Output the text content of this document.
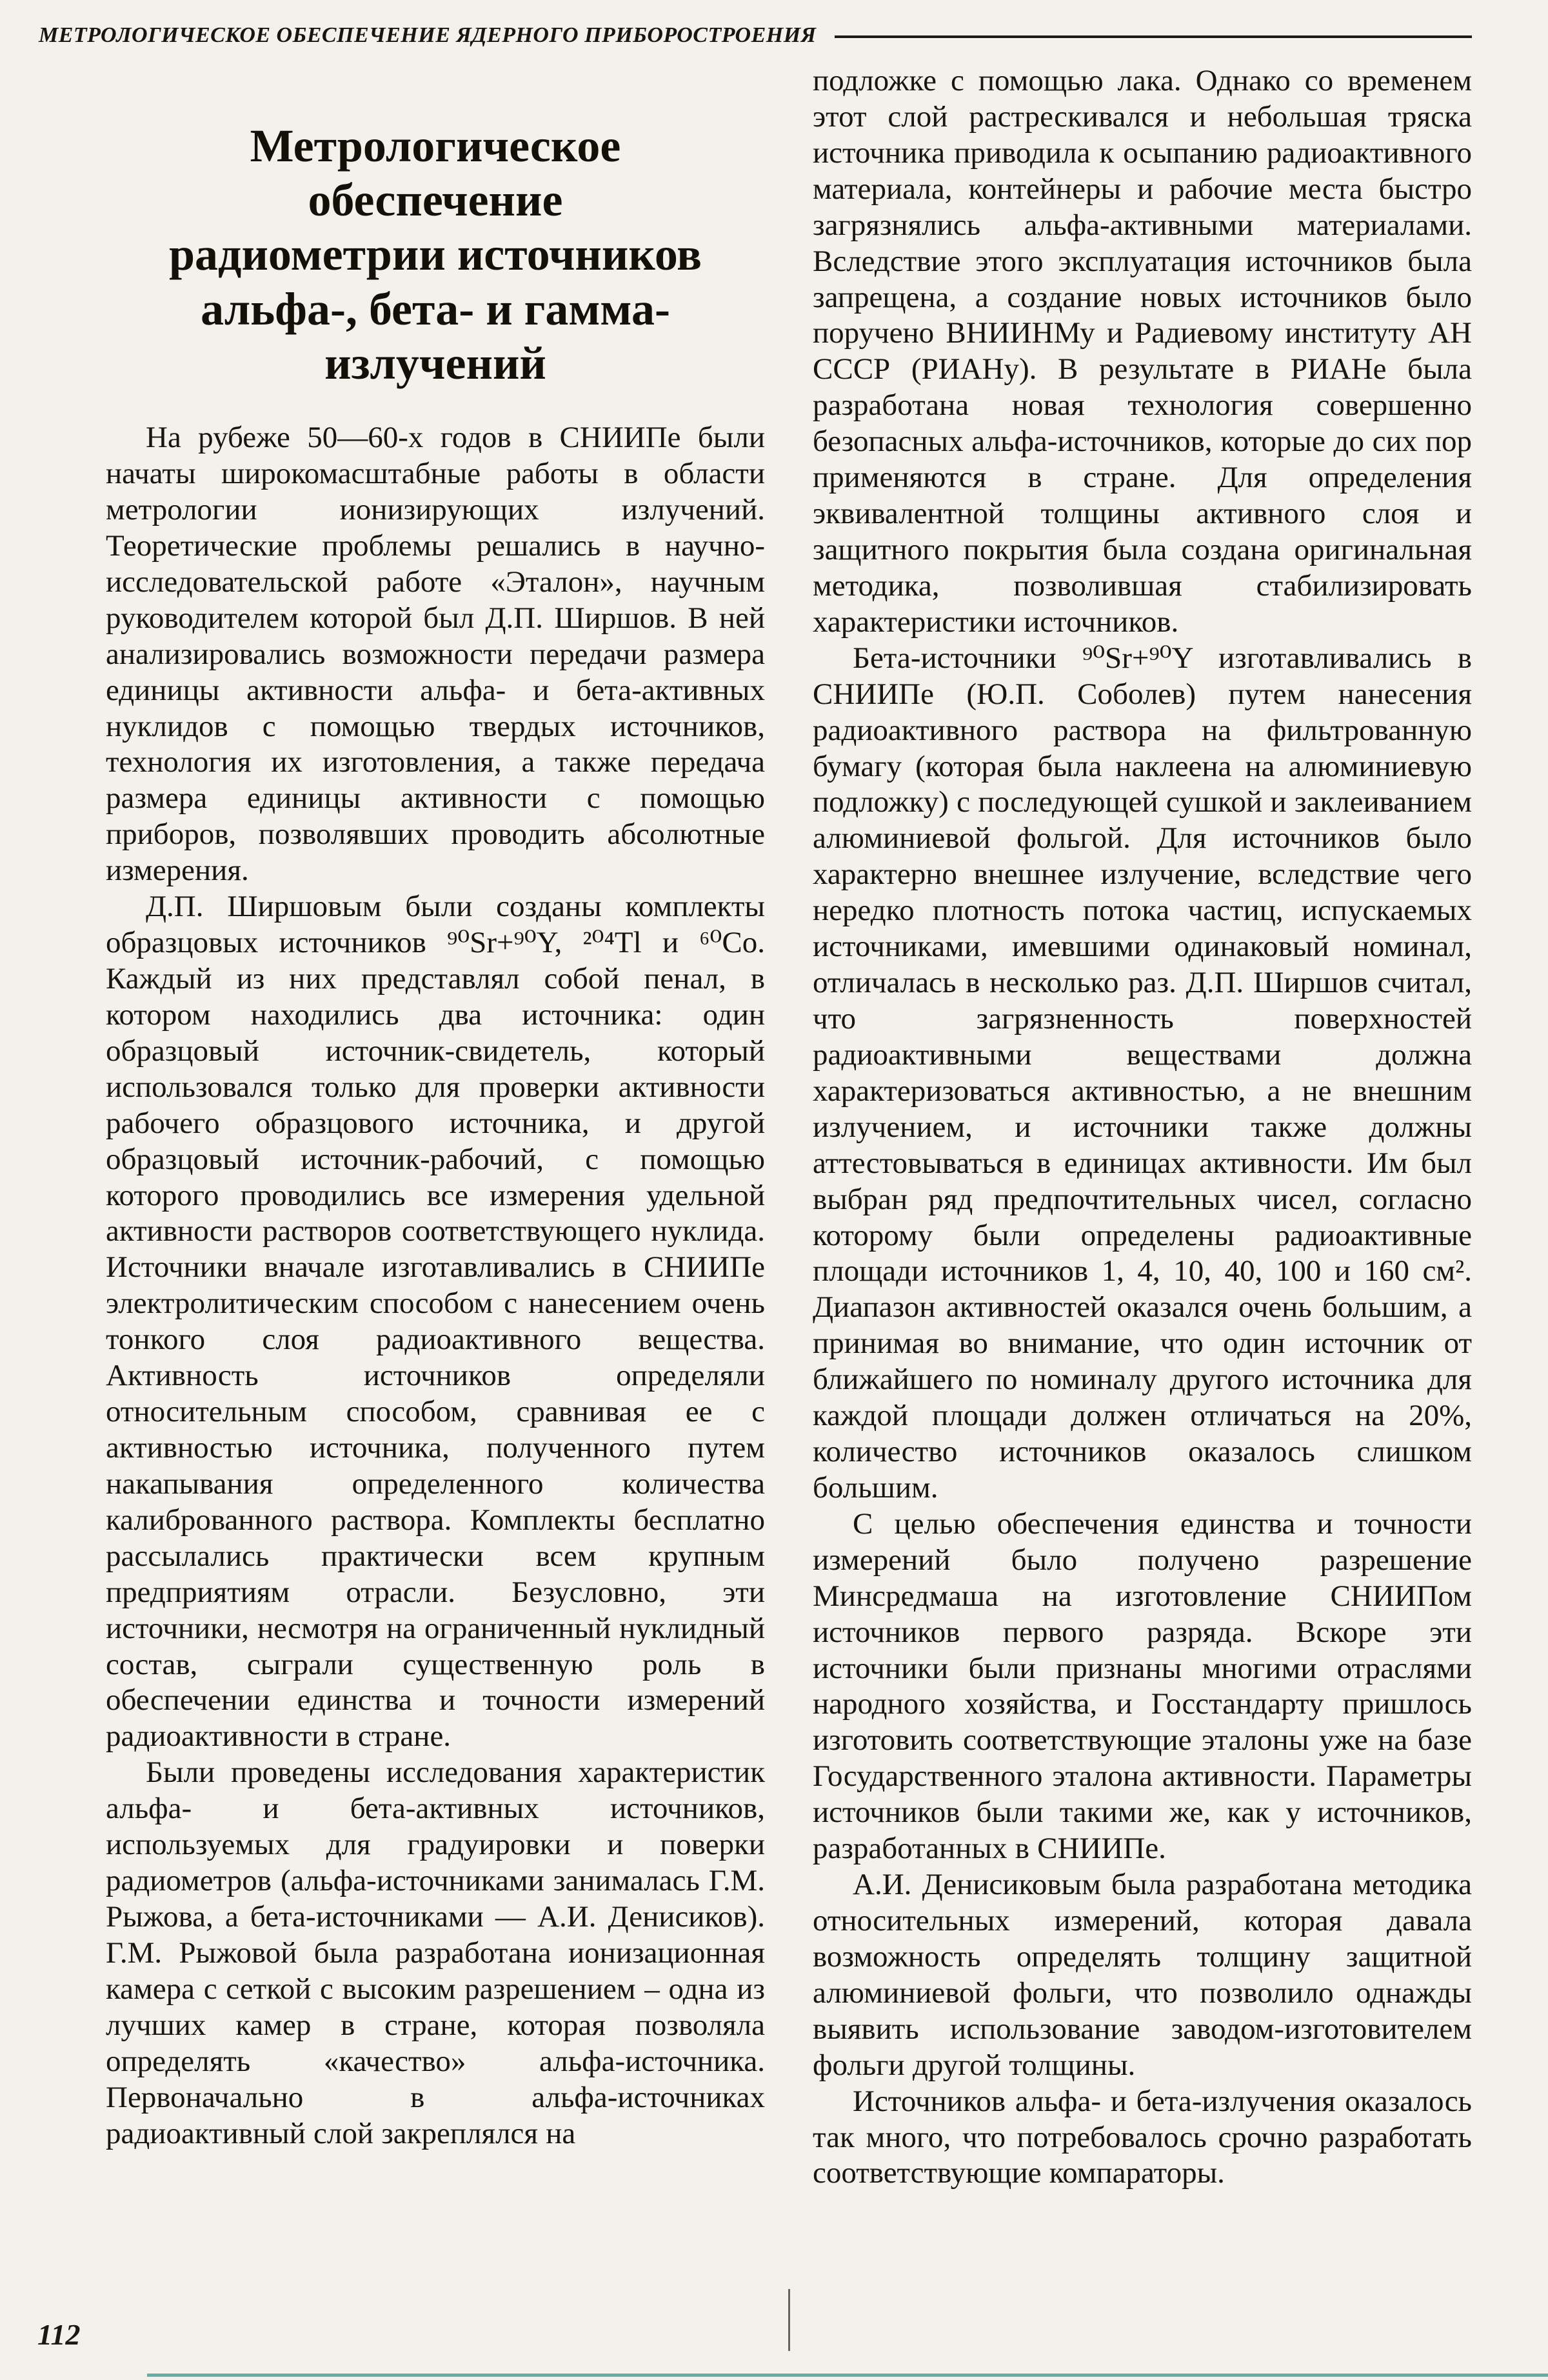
МЕТРОЛОГИЧЕСКОЕ ОБЕСПЕЧЕНИЕ ЯДЕРНОГО ПРИБОРОСТРОЕНИЯ
Метрологическое
обеспечение
радиометрии источников
альфа-, бета- и гамма-
излучений

На рубеже 50—60-х годов в СНИИПе были начаты широкомасштабные работы в области метрологии ионизирующих излучений. Теоретические проблемы решались в научно-исследовательской работе «Эталон», научным руководителем которой был Д.П. Ширшов. В ней анализировались возможности передачи размера единицы активности альфа- и бета-активных нуклидов с помощью твердых источников, технология их изготовления, а также передача размера единицы активности с помощью приборов, позволявших проводить абсолютные измерения.

Д.П. Ширшовым были созданы комплекты образцовых источников ⁹⁰Sr+⁹⁰Y, ²⁰⁴Tl и ⁶⁰Co. Каждый из них представлял собой пенал, в котором находились два источника: один образцовый источник-свидетель, который использовался только для проверки активности рабочего образцового источника, и другой образцовый источник-рабочий, с помощью которого проводились все измерения удельной активности растворов соответствующего нуклида. Источники вначале изготавливались в СНИИПе электролитическим способом с нанесением очень тонкого слоя радиоактивного вещества. Активность источников определяли относительным способом, сравнивая ее с активностью источника, полученного путем накапывания определенного количества калиброванного раствора. Комплекты бесплатно рассылались практически всем крупным предприятиям отрасли. Безусловно, эти источники, несмотря на ограниченный нуклидный состав, сыграли существенную роль в обеспечении единства и точности измерений радиоактивности в стране.

Были проведены исследования характеристик альфа- и бета-активных источников, используемых для градуировки и поверки радиометров (альфа-источниками занималась Г.М. Рыжова, а бета-источниками — А.И. Денисиков). Г.М. Рыжовой была разработана ионизационная камера с сеткой с высоким разрешением – одна из лучших камер в стране, которая позволяла определять «качество» альфа-источника. Первоначально в альфа-источниках радиоактивный слой закреплялся на

подложке с помощью лака. Однако со временем этот слой растрескивался и небольшая тряска источника приводила к осыпанию радиоактивного материала, контейнеры и рабочие места быстро загрязнялись альфа-активными материалами. Вследствие этого эксплуатация источников была запрещена, а создание новых источников было поручено ВНИИНМу и Радиевому институту АН СССР (РИАНу). В результате в РИАНе была разработана новая технология совершенно безопасных альфа-источников, которые до сих пор применяются в стране. Для определения эквивалентной толщины активного слоя и защитного покрытия была создана оригинальная методика, позволившая стабилизировать характеристики источников.

Бета-источники ⁹⁰Sr+⁹⁰Y изготавливались в СНИИПе (Ю.П. Соболев) путем нанесения радиоактивного раствора на фильтрованную бумагу (которая была наклеена на алюминиевую подложку) с последующей сушкой и заклеиванием алюминиевой фольгой. Для источников было характерно внешнее излучение, вследствие чего нередко плотность потока частиц, испускаемых источниками, имевшими одинаковый номинал, отличалась в несколько раз. Д.П. Ширшов считал, что загрязненность поверхностей радиоактивными веществами должна характеризоваться активностью, а не внешним излучением, и источники также должны аттестовываться в единицах активности. Им был выбран ряд предпочтительных чисел, согласно которому были определены радиоактивные площади источников 1, 4, 10, 40, 100 и 160 см². Диапазон активностей оказался очень большим, а принимая во внимание, что один источник от ближайшего по номиналу другого источника для каждой площади должен отличаться на 20%, количество источников оказалось слишком большим.

С целью обеспечения единства и точности измерений было получено разрешение Минсредмаша на изготовление СНИИПом источников первого разряда. Вскоре эти источники были признаны многими отраслями народного хозяйства, и Госстандарту пришлось изготовить соответствующие эталоны уже на базе Государственного эталона активности. Параметры источников были такими же, как у источников, разработанных в СНИИПе.

А.И. Денисиковым была разработана методика относительных измерений, которая давала возможность определять толщину защитной алюминиевой фольги, что позволило однажды выявить использование заводом-изготовителем фольги другой толщины.

Источников альфа- и бета-излучения оказалось так много, что потребовалось срочно разработать соответствующие компараторы.

112
